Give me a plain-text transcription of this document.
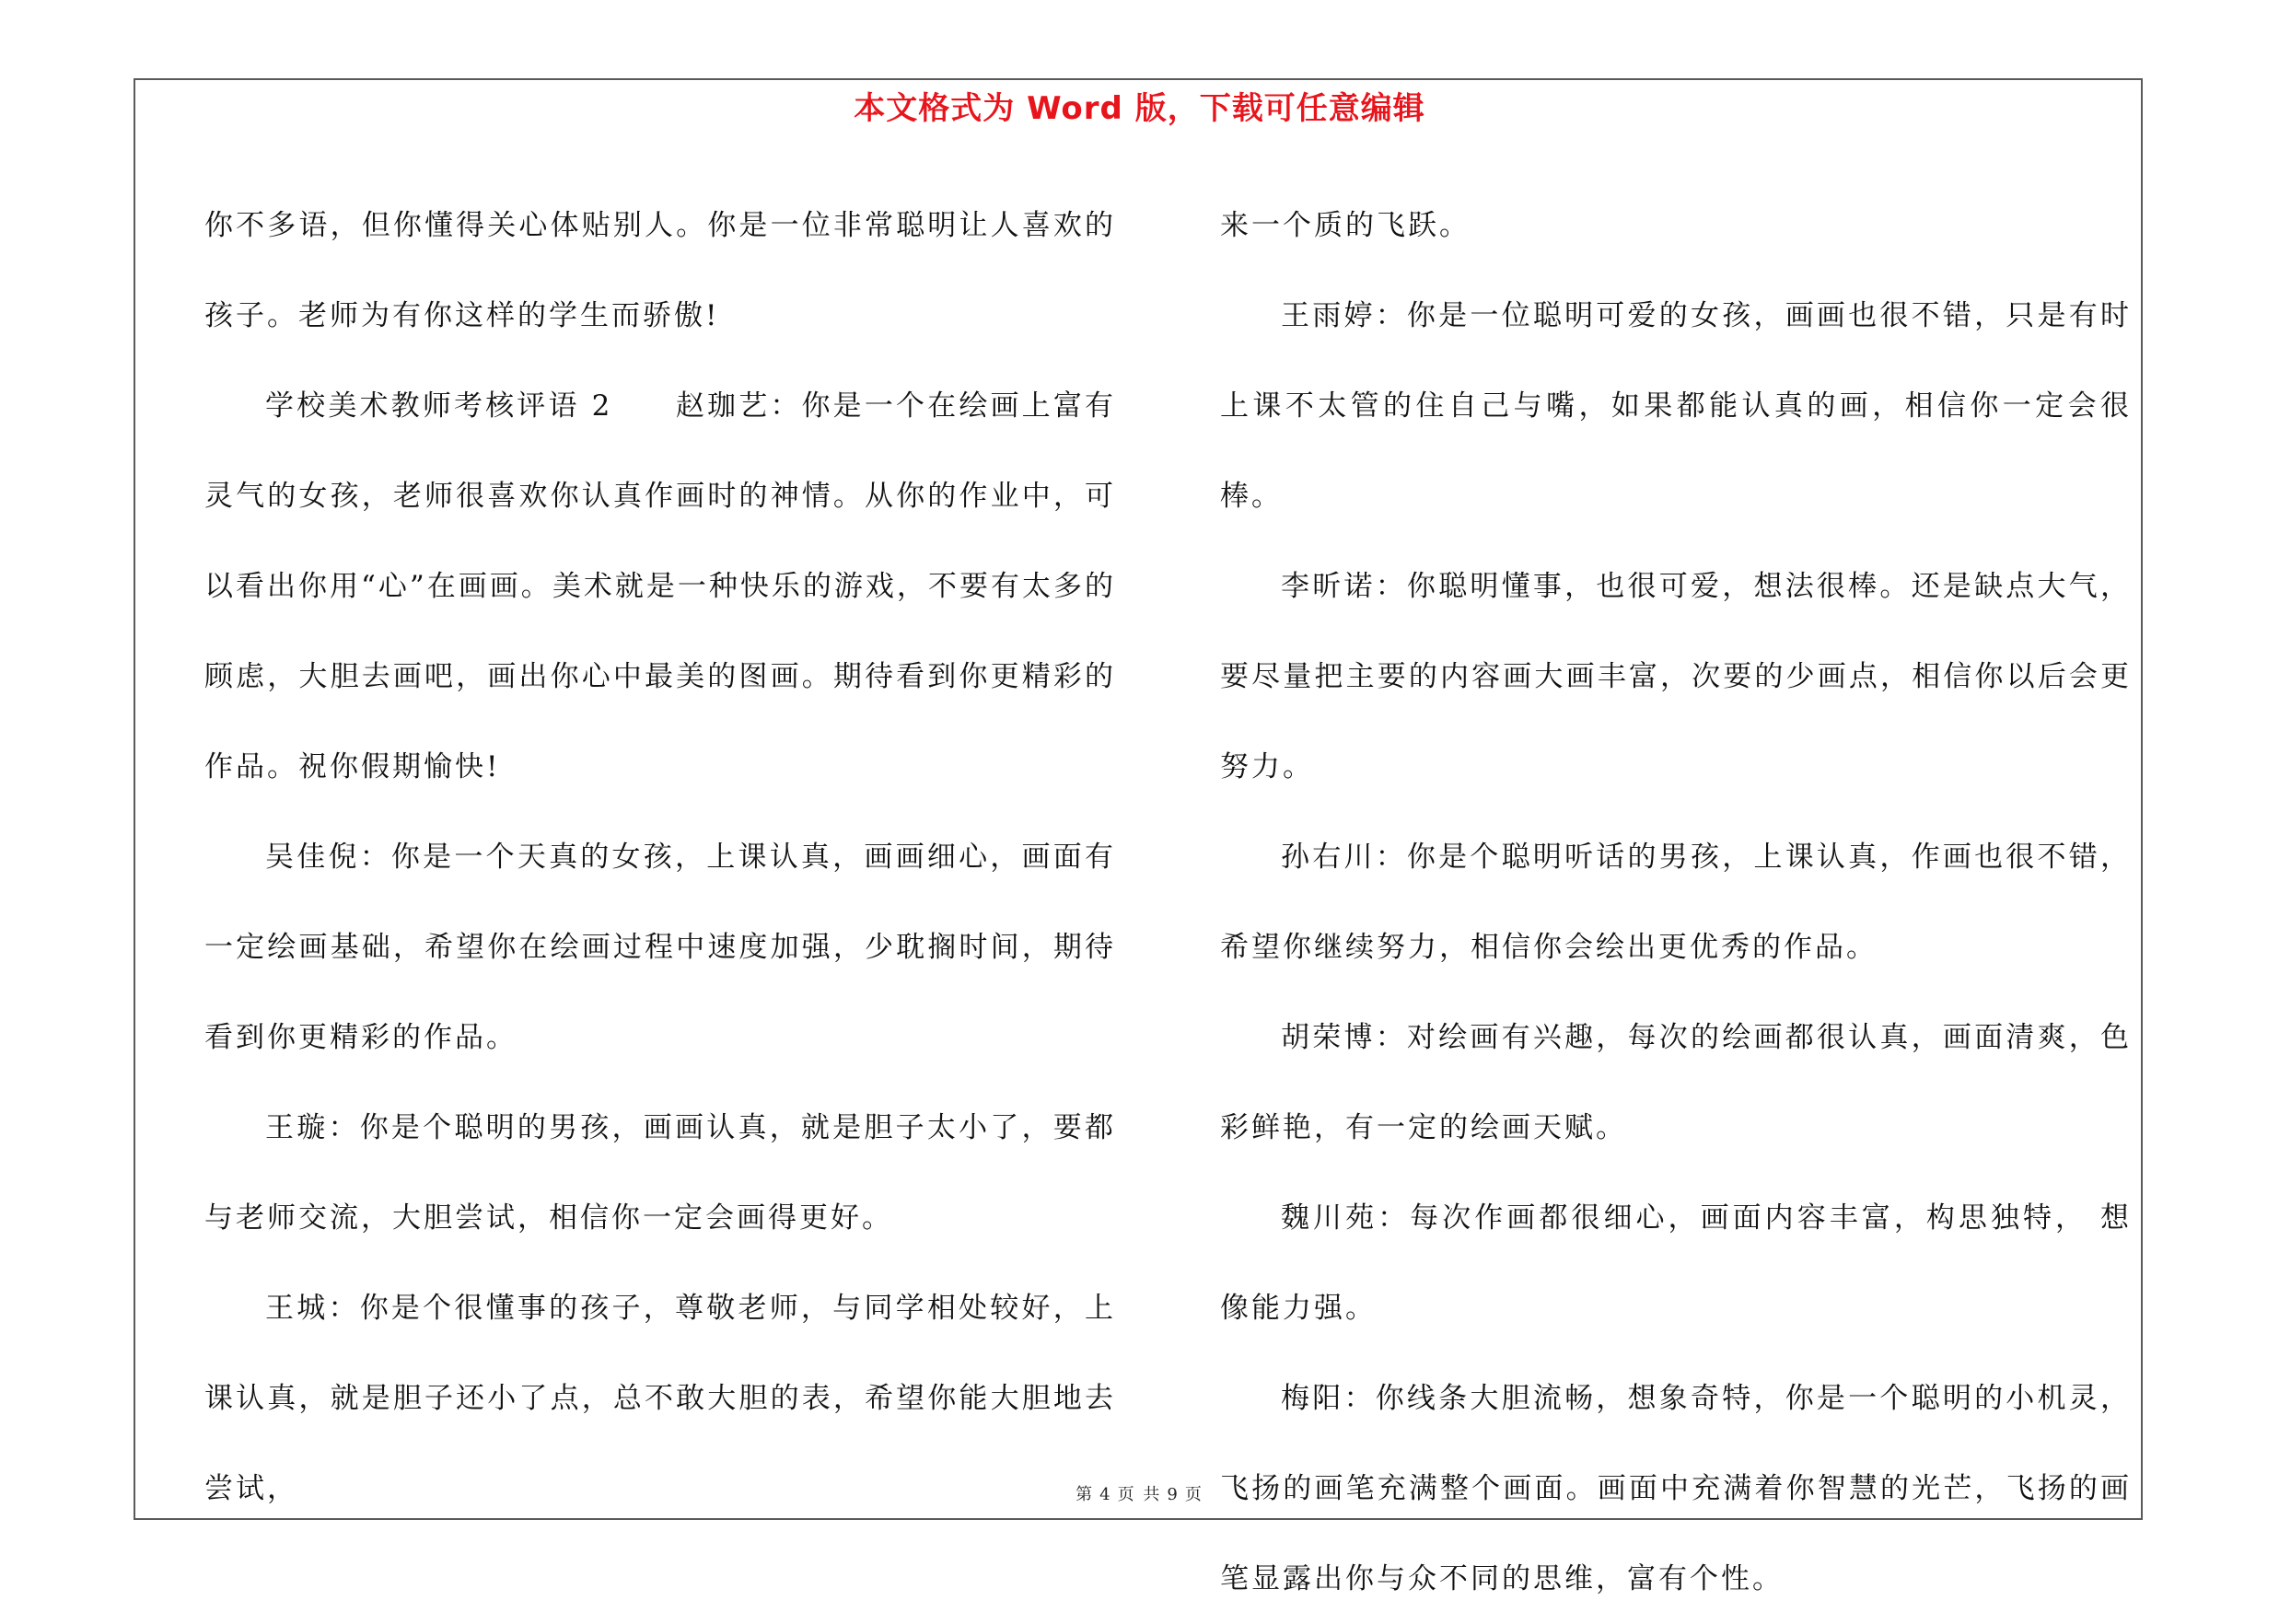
本文格式为 Word 版，下载可任意编辑

你不多语，但你懂得关心体贴别人。你是一位非常聪明让人喜欢的孩子。老师为有你这样的学生而骄傲!

学校美术教师考核评语 2　　赵珈艺：你是一个在绘画上富有灵气的女孩，老师很喜欢你认真作画时的神情。从你的作业中，可以看出你用“心”在画画。美术就是一种快乐的游戏，不要有太多的顾虑，大胆去画吧，画出你心中最美的图画。期待看到你更精彩的作品。祝你假期愉快!

吴佳倪：你是一个天真的女孩，上课认真，画画细心，画面有一定绘画基础，希望你在绘画过程中速度加强，少耽搁时间，期待看到你更精彩的作品。

王璇：你是个聪明的男孩，画画认真，就是胆子太小了，要都与老师交流，大胆尝试，相信你一定会画得更好。

王城：你是个很懂事的孩子，尊敬老师，与同学相处较好，上课认真，就是胆子还小了点，总不敢大胆的表，希望你能大胆地去尝试，

来一个质的飞跃。

王雨婷：你是一位聪明可爱的女孩，画画也很不错，只是有时上课不太管的住自己与嘴，如果都能认真的画，相信你一定会很棒。

李昕诺：你聪明懂事，也很可爱，想法很棒。还是缺点大气，要尽量把主要的内容画大画丰富，次要的少画点，相信你以后会更努力。

孙右川：你是个聪明听话的男孩，上课认真，作画也很不错，希望你继续努力，相信你会绘出更优秀的作品。

胡荣博：对绘画有兴趣，每次的绘画都很认真，画面清爽，色彩鲜艳，有一定的绘画天赋。

魏川苑：每次作画都很细心，画面内容丰富，构思独特， 想像能力强。

梅阳：你线条大胆流畅，想象奇特，你是一个聪明的小机灵，飞扬的画笔充满整个画面。画面中充满着你智慧的光芒，飞扬的画笔显露出你与众不同的思维，富有个性。

第 4 页 共 9 页
